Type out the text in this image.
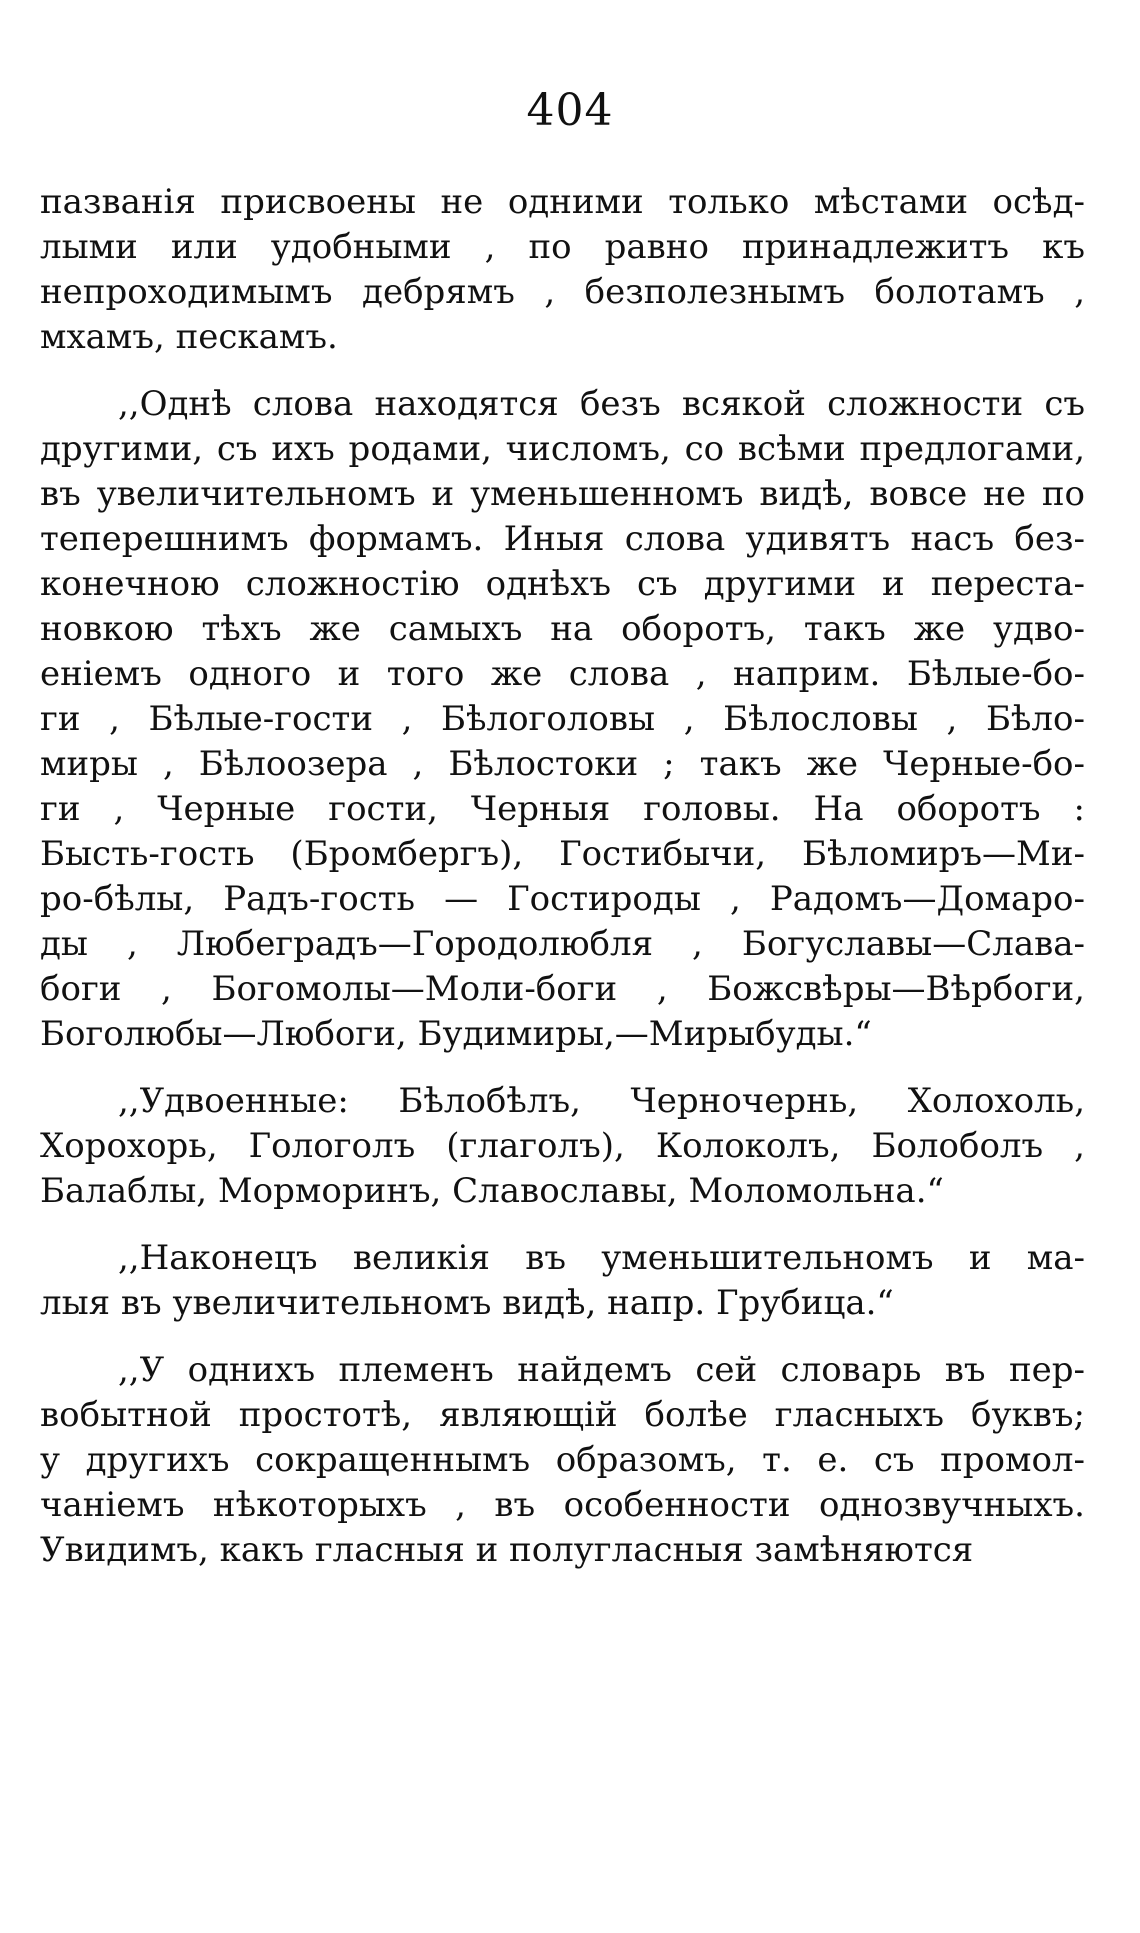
404
пазванія присвоены не одними только мѣстами осѣд-
лыми или удобными , по равно принадлежитъ къ
непроходимымъ дебрямъ , безполезнымъ болотамъ ,
мхамъ, пескамъ.
,,Однѣ слова находятся безъ всякой сложности съ
другими, съ ихъ родами, числомъ, со всѣми предлогами,
въ увеличительномъ и уменьшенномъ видѣ, вовсе не по
теперешнимъ формамъ. Иныя слова удивятъ насъ без-
конечною сложностію однѣхъ съ другими и переста-
новкою тѣхъ же самыхъ на оборотъ, такъ же удво-
еніемъ одного и того же слова , наприм. Бѣлые-бо-
ги , Бѣлые-гости , Бѣлоголовы , Бѣлословы , Бѣло-
миры , Бѣлоозера , Бѣлостоки ; такъ же Черные-бо-
ги , Черные гости, Черныя головы. На оборотъ :
Бысть-гость (Бромбергъ), Гостибычи, Бѣломиръ—Ми-
ро-бѣлы, Радъ-гость — Гостироды , Радомъ—Домаро-
ды , Любеградъ—Городолюбля , Богуславы—Слава-
боги , Богомолы—Моли-боги , Божсвѣры—Вѣрбоги,
Боголюбы—Любоги, Будимиры,—Мирыбуды.“
,,Удвоенные: Бѣлобѣлъ, Черночернь, Холохоль,
Хорохорь, Гологолъ (глаголъ), Колоколъ, Болоболъ ,
Балаблы, Морморинъ, Славославы, Моломольна.“
,,Наконецъ великія въ уменьшительномъ и ма-
лыя въ увеличительномъ видѣ, напр. Грубица.“
,,У однихъ племенъ найдемъ сей словарь въ пер-
вобытной простотѣ, являющій болѣе гласныхъ буквъ;
у другихъ сокращеннымъ образомъ, т. е. съ промол-
чаніемъ нѣкоторыхъ , въ особенности однозвучныхъ.
Увидимъ, какъ гласныя и полугласныя замѣняются
